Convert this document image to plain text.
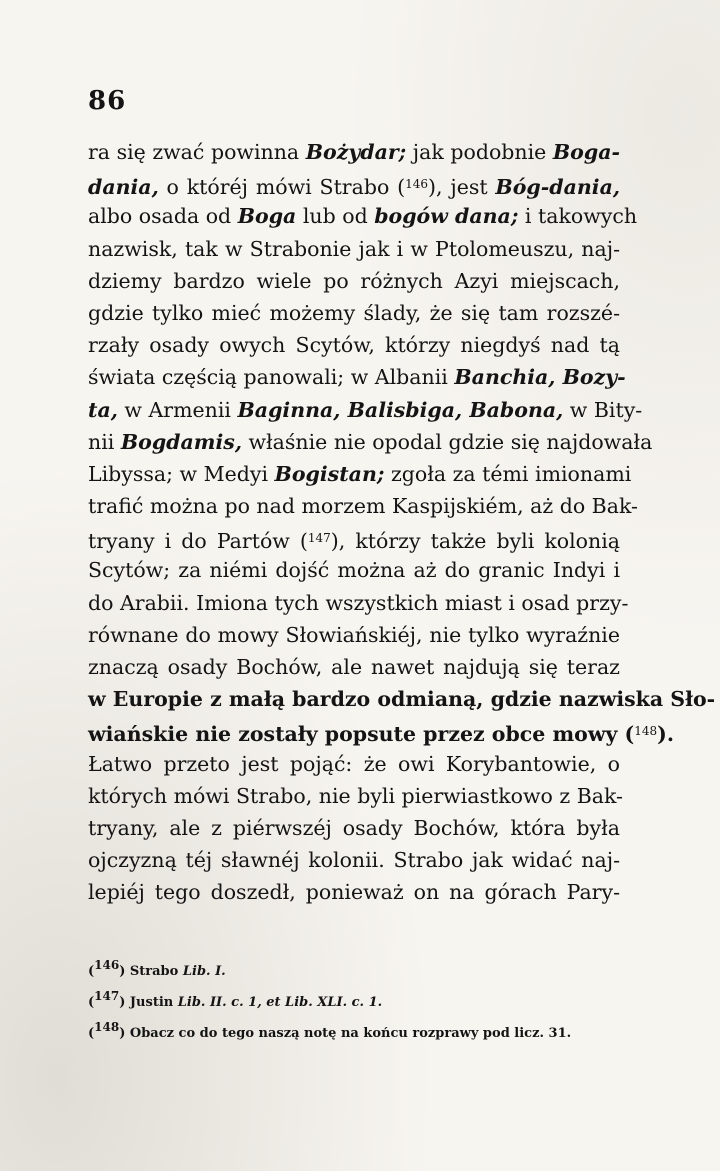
86
ra się zwać powinna Bożydar; jak podobnie Boga-
dania, o któréj mówi Strabo ($^{146}$), jest Bóg-dania,
albo osada od Boga lub od bogów dana; i takowych
nazwisk, tak w Strabonie jak i w Ptolomeuszu, naj-
dziemy bardzo wiele po różnych Azyi miejscach,
gdzie tylko mieć możemy ślady, że się tam rozszé-
rzały osady owych Scytów, którzy niegdyś nad tą
świata częścią panowali; w Albanii Banchia, Bozy-
ta, w Armenii Baginna, Balisbiga, Babona, w Bity-
nii Bogdamis, właśnie nie opodal gdzie się najdowała
Libyssa; w Medyi Bogistan; zgoła za témi imionami
trafić można po nad morzem Kaspijskiém, aż do Bak-
tryany i do Partów ($^{147}$), którzy także byli kolonią
Scytów; za niémi dojść można aż do granic Indyi i
do Arabii. Imiona tych wszystkich miast i osad przy-
równane do mowy Słowiańskiéj, nie tylko wyraźnie
znaczą osady Bochów, ale nawet najdują się teraz
w Europie z małą bardzo odmianą, gdzie nazwiska Sło-
wiańskie nie zostały popsute przez obce mowy ($^{148}$).
Łatwo przeto jest pojąć: że owi Korybantowie, o
których mówi Strabo, nie byli pierwiastkowo z Bak-
tryany, ale z piérwszéj osady Bochów, która była
ojczyzną téj sławnéj kolonii. Strabo jak widać naj-
lepiéj tego doszedł, ponieważ on na górach Pary-
(146) Strabo Lib. I.
(147) Justin Lib. II. c. 1, et Lib. XLI. c. 1.
(148) Obacz co do tego naszą notę na końcu rozprawy pod licz. 31.
